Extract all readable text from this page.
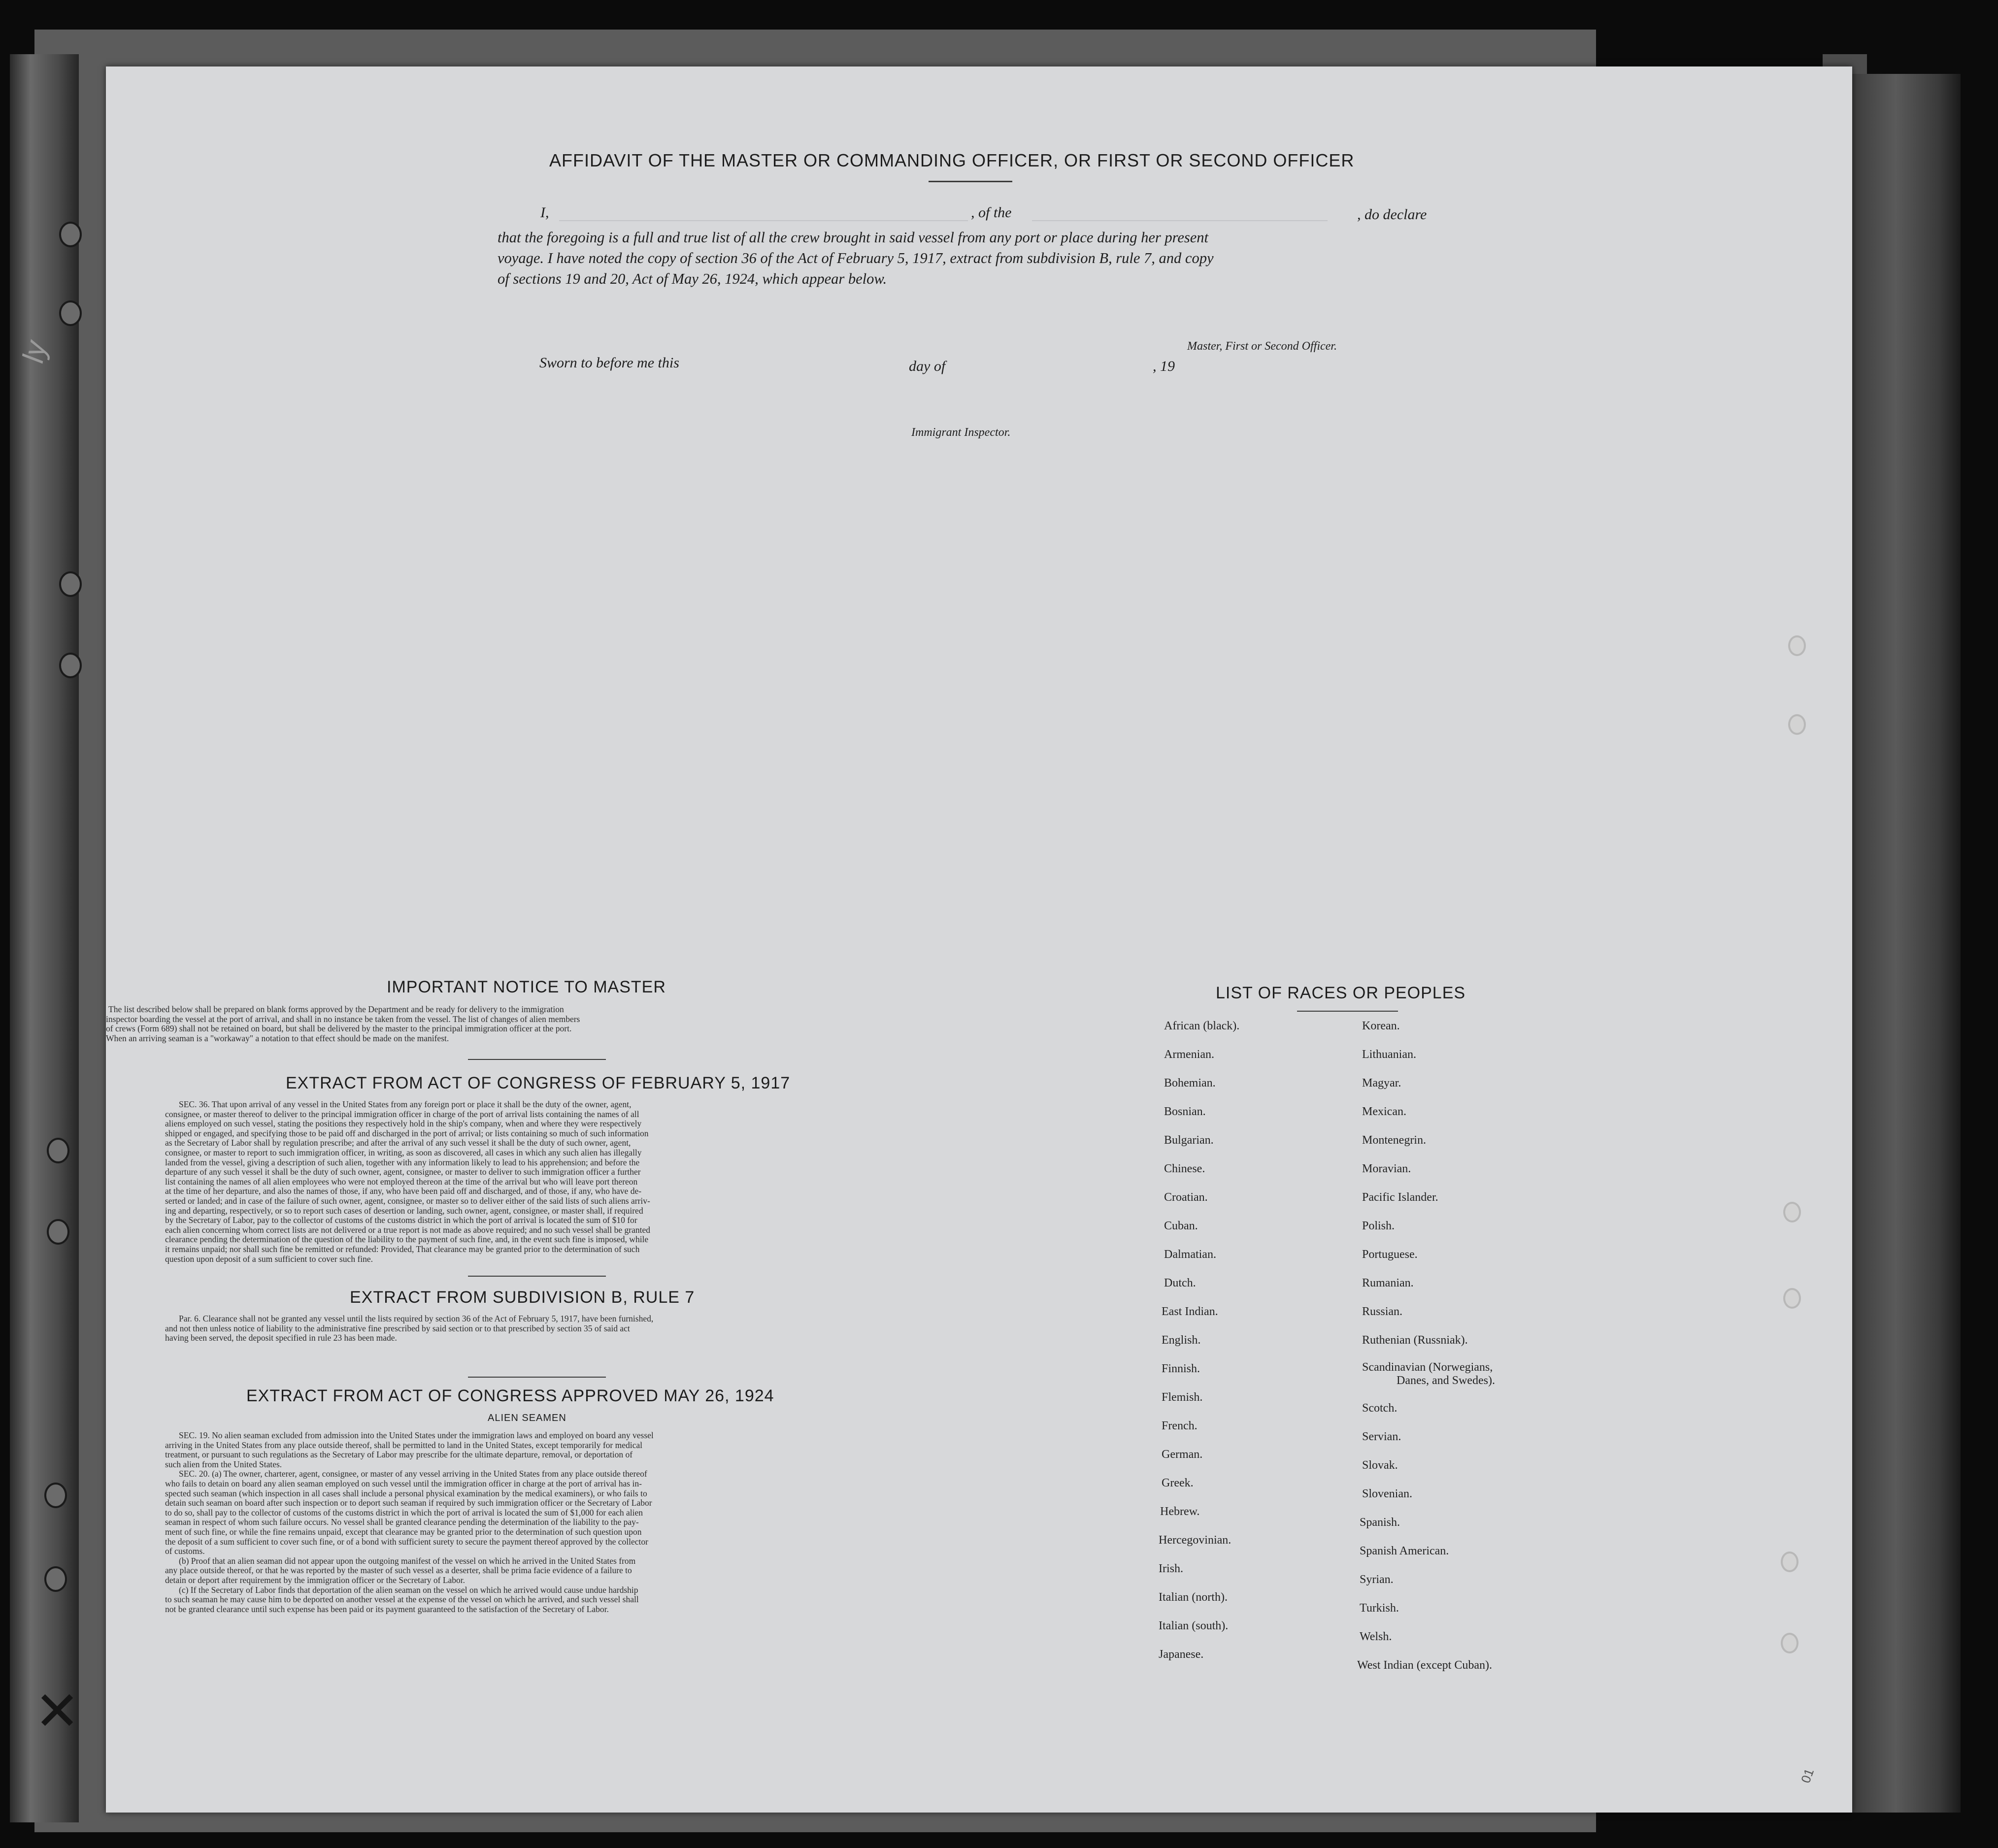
ly
✕
AFFIDAVIT OF THE MASTER OR COMMANDING OFFICER, OR FIRST OR SECOND OFFICER
I,	, of the	, do declare
that the foregoing is a full and true list of all the crew brought in said vessel from any port or place during her present
voyage. I have noted the copy of section 36 of the Act of February 5, 1917, extract from subdivision B, rule 7, and copy
of sections 19 and 20, Act of May 26, 1924, which appear below.
Master, First or Second Officer.
Sworn to before me this	day of	, 19
Immigrant Inspector.
IMPORTANT NOTICE TO MASTER
The list described below shall be prepared on blank forms approved by the Department and be ready for delivery to the immigration
inspector boarding the vessel at the port of arrival, and shall in no instance be taken from the vessel. The list of changes of alien members
of crews (Form 689) shall not be retained on board, but shall be delivered by the master to the principal immigration officer at the port.
When an arriving seaman is a "workaway" a notation to that effect should be made on the manifest.
EXTRACT FROM ACT OF CONGRESS OF FEBRUARY 5, 1917
SEC. 36. That upon arrival of any vessel in the United States from any foreign port or place it shall be the duty of the owner, agent,
consignee, or master thereof to deliver to the principal immigration officer in charge of the port of arrival lists containing the names of all
aliens employed on such vessel, stating the positions they respectively hold in the ship's company, when and where they were respectively
shipped or engaged, and specifying those to be paid off and discharged in the port of arrival; or lists containing so much of such information
as the Secretary of Labor shall by regulation prescribe; and after the arrival of any such vessel it shall be the duty of such owner, agent,
consignee, or master to report to such immigration officer, in writing, as soon as discovered, all cases in which any such alien has illegally
landed from the vessel, giving a description of such alien, together with any information likely to lead to his apprehension; and before the
departure of any such vessel it shall be the duty of such owner, agent, consignee, or master to deliver to such immigration officer a further
list containing the names of all alien employees who were not employed thereon at the time of the arrival but who will leave port thereon
at the time of her departure, and also the names of those, if any, who have been paid off and discharged, and of those, if any, who have de-
serted or landed; and in case of the failure of such owner, agent, consignee, or master so to deliver either of the said lists of such aliens arriv-
ing and departing, respectively, or so to report such cases of desertion or landing, such owner, agent, consignee, or master shall, if required
by the Secretary of Labor, pay to the collector of customs of the customs district in which the port of arrival is located the sum of $10 for
each alien concerning whom correct lists are not delivered or a true report is not made as above required; and no such vessel shall be granted
clearance pending the determination of the question of the liability to the payment of such fine, and, in the event such fine is imposed, while
it remains unpaid; nor shall such fine be remitted or refunded: Provided, That clearance may be granted prior to the determination of such
question upon deposit of a sum sufficient to cover such fine.
EXTRACT FROM SUBDIVISION B, RULE 7
Par. 6. Clearance shall not be granted any vessel until the lists required by section 36 of the Act of February 5, 1917, have been furnished,
and not then unless notice of liability to the administrative fine prescribed by said section or to that prescribed by section 35 of said act
having been served, the deposit specified in rule 23 has been made.
EXTRACT FROM ACT OF CONGRESS APPROVED MAY 26, 1924
ALIEN SEAMEN
SEC. 19. No alien seaman excluded from admission into the United States under the immigration laws and employed on board any vessel
arriving in the United States from any place outside thereof, shall be permitted to land in the United States, except temporarily for medical
treatment, or pursuant to such regulations as the Secretary of Labor may prescribe for the ultimate departure, removal, or deportation of
such alien from the United States.
SEC. 20. (a) The owner, charterer, agent, consignee, or master of any vessel arriving in the United States from any place outside thereof
who fails to detain on board any alien seaman employed on such vessel until the immigration officer in charge at the port of arrival has in-
spected such seaman (which inspection in all cases shall include a personal physical examination by the medical examiners), or who fails to
detain such seaman on board after such inspection or to deport such seaman if required by such immigration officer or the Secretary of Labor
to do so, shall pay to the collector of customs of the customs district in which the port of arrival is located the sum of $1,000 for each alien
seaman in respect of whom such failure occurs. No vessel shall be granted clearance pending the determination of the liability to the pay-
ment of such fine, or while the fine remains unpaid, except that clearance may be granted prior to the determination of such question upon
the deposit of a sum sufficient to cover such fine, or of a bond with sufficient surety to secure the payment thereof approved by the collector
of customs.
(b) Proof that an alien seaman did not appear upon the outgoing manifest of the vessel on which he arrived in the United States from
any place outside thereof, or that he was reported by the master of such vessel as a deserter, shall be prima facie evidence of a failure to
detain or deport after requirement by the immigration officer or the Secretary of Labor.
(c) If the Secretary of Labor finds that deportation of the alien seaman on the vessel on which he arrived would cause undue hardship
to such seaman he may cause him to be deported on another vessel at the expense of the vessel on which he arrived, and such vessel shall
not be granted clearance until such expense has been paid or its payment guaranteed to the satisfaction of the Secretary of Labor.
LIST OF RACES OR PEOPLES
African (black).
Armenian.
Bohemian.
Bosnian.
Bulgarian.
Chinese.
Croatian.
Cuban.
Dalmatian.
Dutch.
East Indian.
English.
Finnish.
Flemish.
French.
German.
Greek.
Hebrew.
Hercegovinian.
Irish.
Italian (north).
Italian (south).
Japanese.
Korean.
Lithuanian.
Magyar.
Mexican.
Montenegrin.
Moravian.
Pacific Islander.
Polish.
Portuguese.
Rumanian.
Russian.
Ruthenian (Russniak).
Scandinavian (Norwegians,
Danes, and Swedes).
Scotch.
Servian.
Slovak.
Slovenian.
Spanish.
Spanish American.
Syrian.
Turkish.
Welsh.
West Indian (except Cuban).
01
